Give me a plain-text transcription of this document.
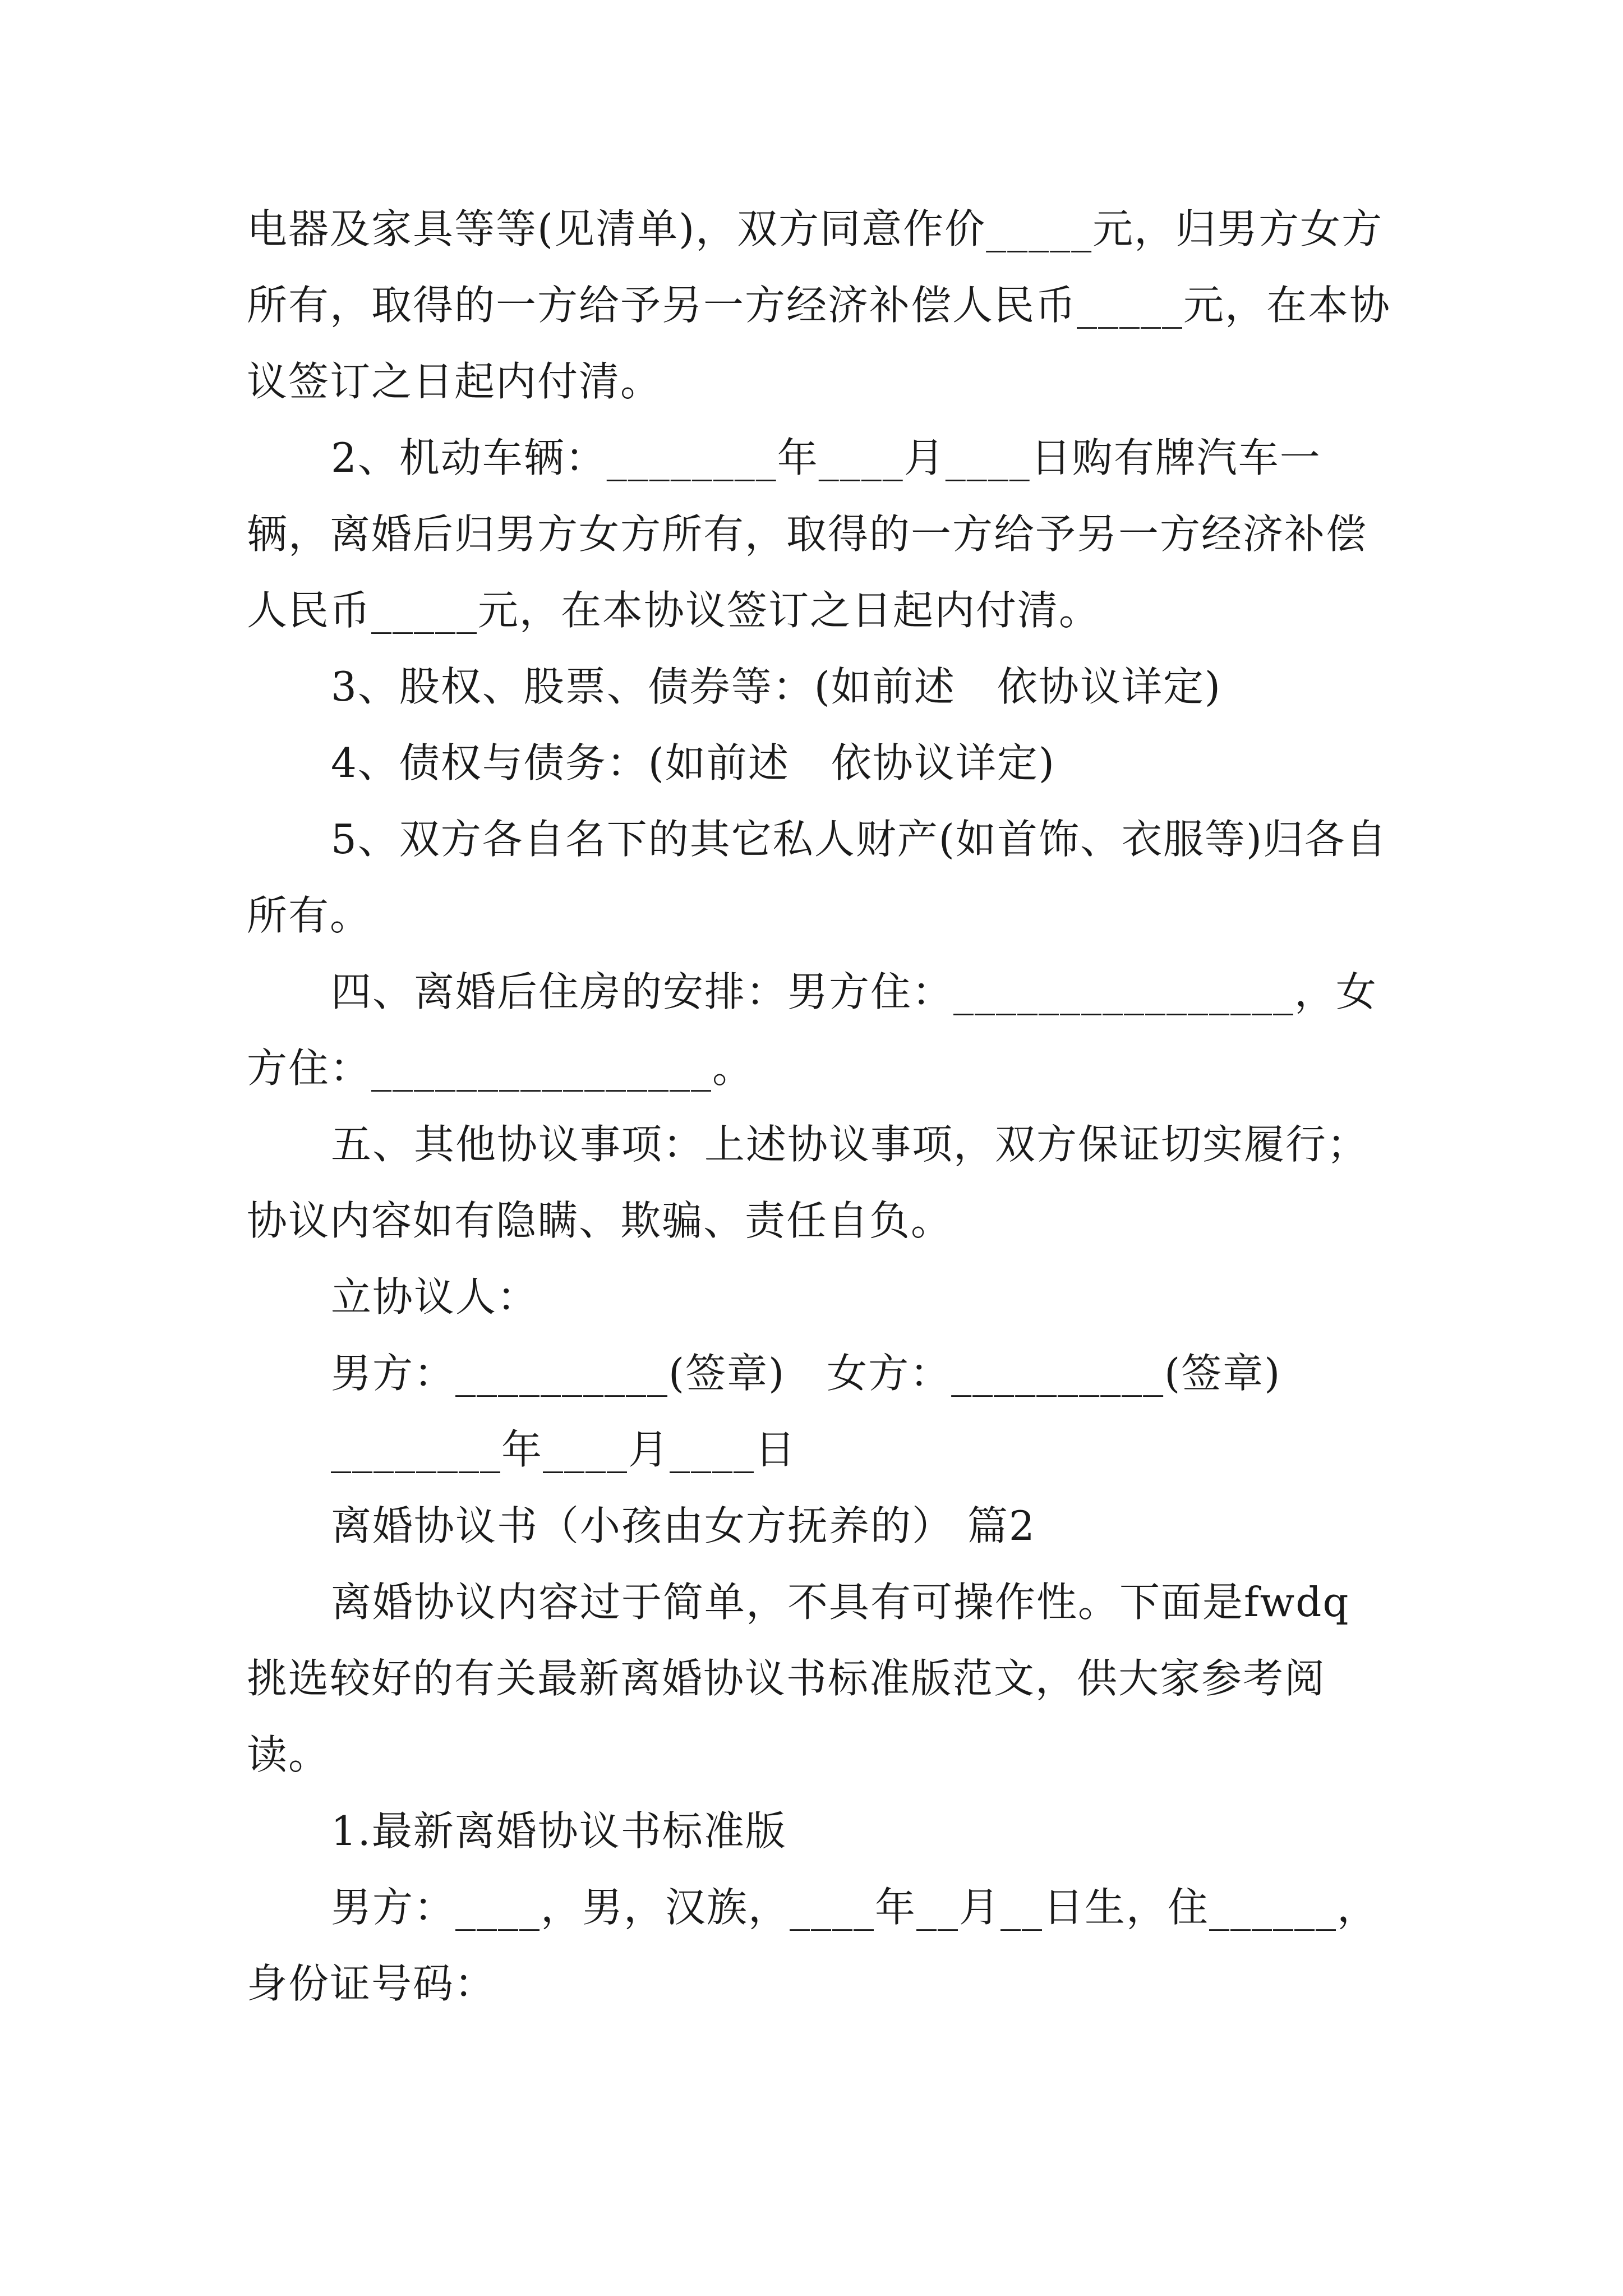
电器及家具等等(见清单)，双方同意作价_____元，归男方女方所有，取得的一方给予另一方经济补偿人民币_____元，在本协议签订之日起内付清。

2、机动车辆：________年____月____日购有牌汽车一辆，离婚后归男方女方所有，取得的一方给予另一方经济补偿人民币_____元，在本协议签订之日起内付清。

3、股权、股票、债券等：(如前述　依协议详定)

4、债权与债务：(如前述　依协议详定)

5、双方各自名下的其它私人财产(如首饰、衣服等)归各自所有。

四、离婚后住房的安排：男方住：________________，女方住：________________。

五、其他协议事项：上述协议事项，双方保证切实履行；协议内容如有隐瞒、欺骗、责任自负。

立协议人：

男方：__________(签章)　女方：__________(签章)

________年____月____日

离婚协议书（小孩由女方抚养的） 篇2

离婚协议内容过于简单，不具有可操作性。下面是fwdq挑选较好的有关最新离婚协议书标准版范文，供大家参考阅读。

1.最新离婚协议书标准版

男方：____，男，汉族，____年__月__日生，住______，身份证号码：
